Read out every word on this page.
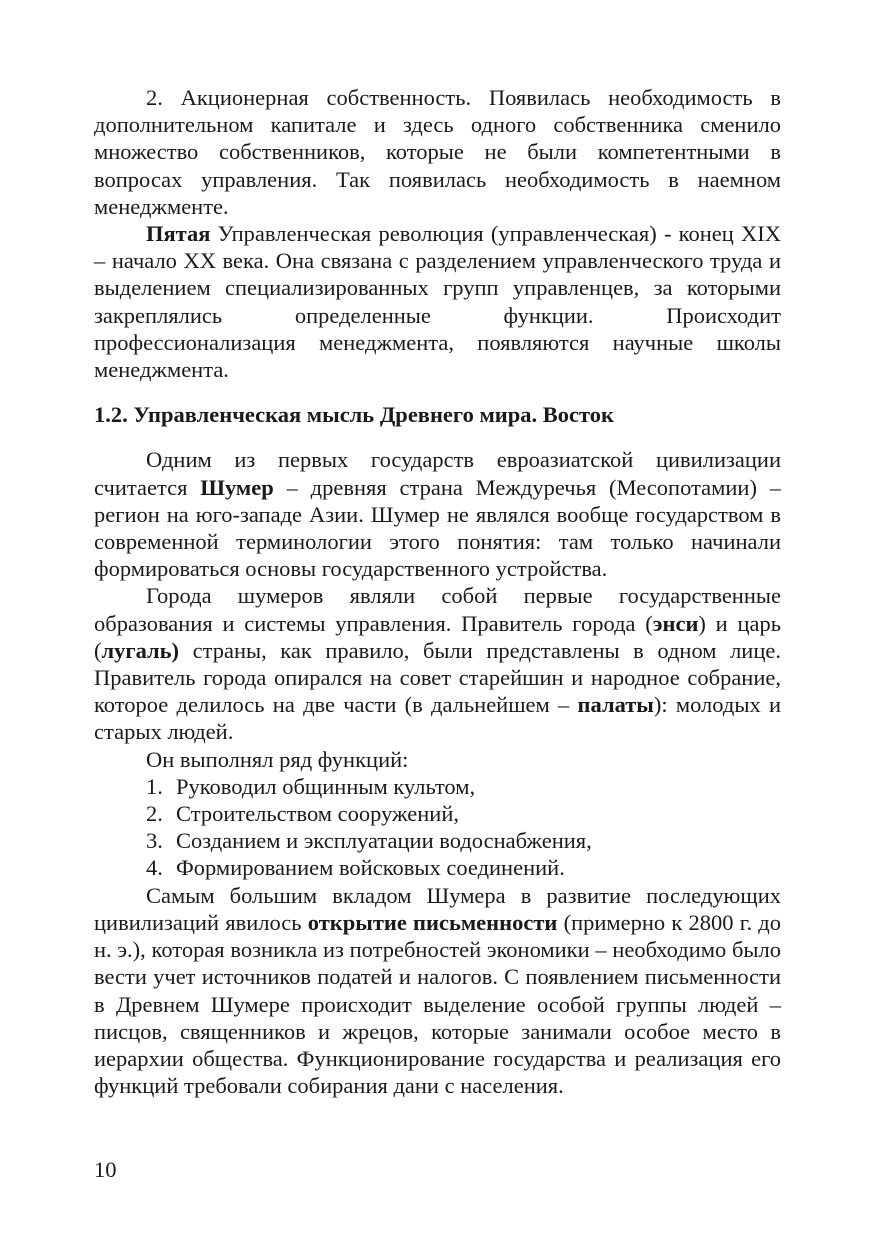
2. Акционерная собственность. Появилась необходимость в дополнительном капитале и здесь одного собственника сменило множество собственников, которые не были компетентными в вопросах управления. Так появилась необходимость в наемном менеджменте.

Пятая Управленческая революция (управленческая) - конец XIX – начало XX века. Она связана с разделением управленческого труда и выделением специализированных групп управленцев, за которыми закреплялись определенные функции. Происходит профессионализация менеджмента, появляются научные школы менеджмента.

1.2. Управленческая мысль Древнего мира. Восток

Одним из первых государств евроазиатской цивилизации считается Шумер – древняя страна Междуречья (Месопотамии) – регион на юго-западе Азии. Шумер не являлся вообще государством в современной терминологии этого понятия: там только начинали формироваться основы государственного устройства.

Города шумеров являли собой первые государственные образования и системы управления. Правитель города (энси) и царь (лугаль) страны, как правило, были представлены в одном лице. Правитель города опирался на совет старейшин и народное собрание, которое делилось на две части (в дальнейшем – палаты): молодых и старых людей.

Он выполнял ряд функций:

1. Руководил общинным культом,
2. Строительством сооружений,
3. Созданием и эксплуатации водоснабжения,
4. Формированием войсковых соединений.

Самым большим вкладом Шумера в развитие последующих цивилизаций явилось открытие письменности (примерно к 2800 г. до н. э.), которая возникла из потребностей экономики – необходимо было вести учет источников податей и налогов. С появлением письменности в Древнем Шумере происходит выделение особой группы людей – писцов, священников и жрецов, которые занимали особое место в иерархии общества. Функционирование государства и реализация его функций требовали собирания дани с населения.

10
